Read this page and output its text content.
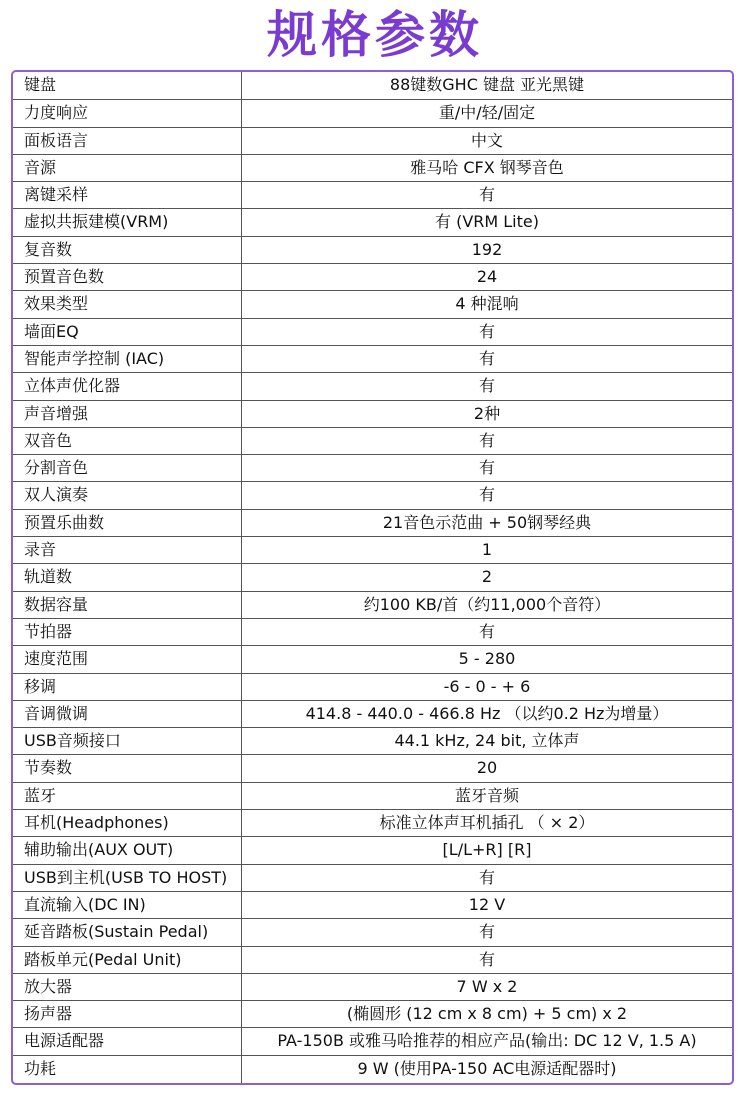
规格参数
键盘	88键数GHC 键盘 亚光黑键
力度响应	重/中/轻/固定
面板语言	中文
音源	雅马哈 CFX 钢琴音色
离键采样	有
虚拟共振建模(VRM)	有 (VRM Lite)
复音数	192
预置音色数	24
效果类型	4 种混响
墙面EQ	有
智能声学控制 (IAC)	有
立体声优化器	有
声音增强	2种
双音色	有
分割音色	有
双人演奏	有
预置乐曲数	21音色示范曲 + 50钢琴经典
录音	1
轨道数	2
数据容量	约100 KB/首（约11,000个音符）
节拍器	有
速度范围	5 - 280
移调	-6 - 0 - + 6
音调微调	414.8 - 440.0 - 466.8 Hz （以约0.2 Hz为增量）
USB音频接口	44.1 kHz, 24 bit, 立体声
节奏数	20
蓝牙	蓝牙音频
耳机(Headphones)	标准立体声耳机插孔 （ × 2）
辅助输出(AUX OUT)	[L/L+R] [R]
USB到主机(USB TO HOST)	有
直流输入(DC IN)	12 V
延音踏板(Sustain Pedal)	有
踏板单元(Pedal Unit)	有
放大器	7 W x 2
扬声器	(椭圆形 (12 cm x 8 cm) + 5 cm) x 2
电源适配器	PA-150B 或雅马哈推荐的相应产品(输出: DC 12 V, 1.5 A)
功耗	9 W (使用PA-150 AC电源适配器时)
